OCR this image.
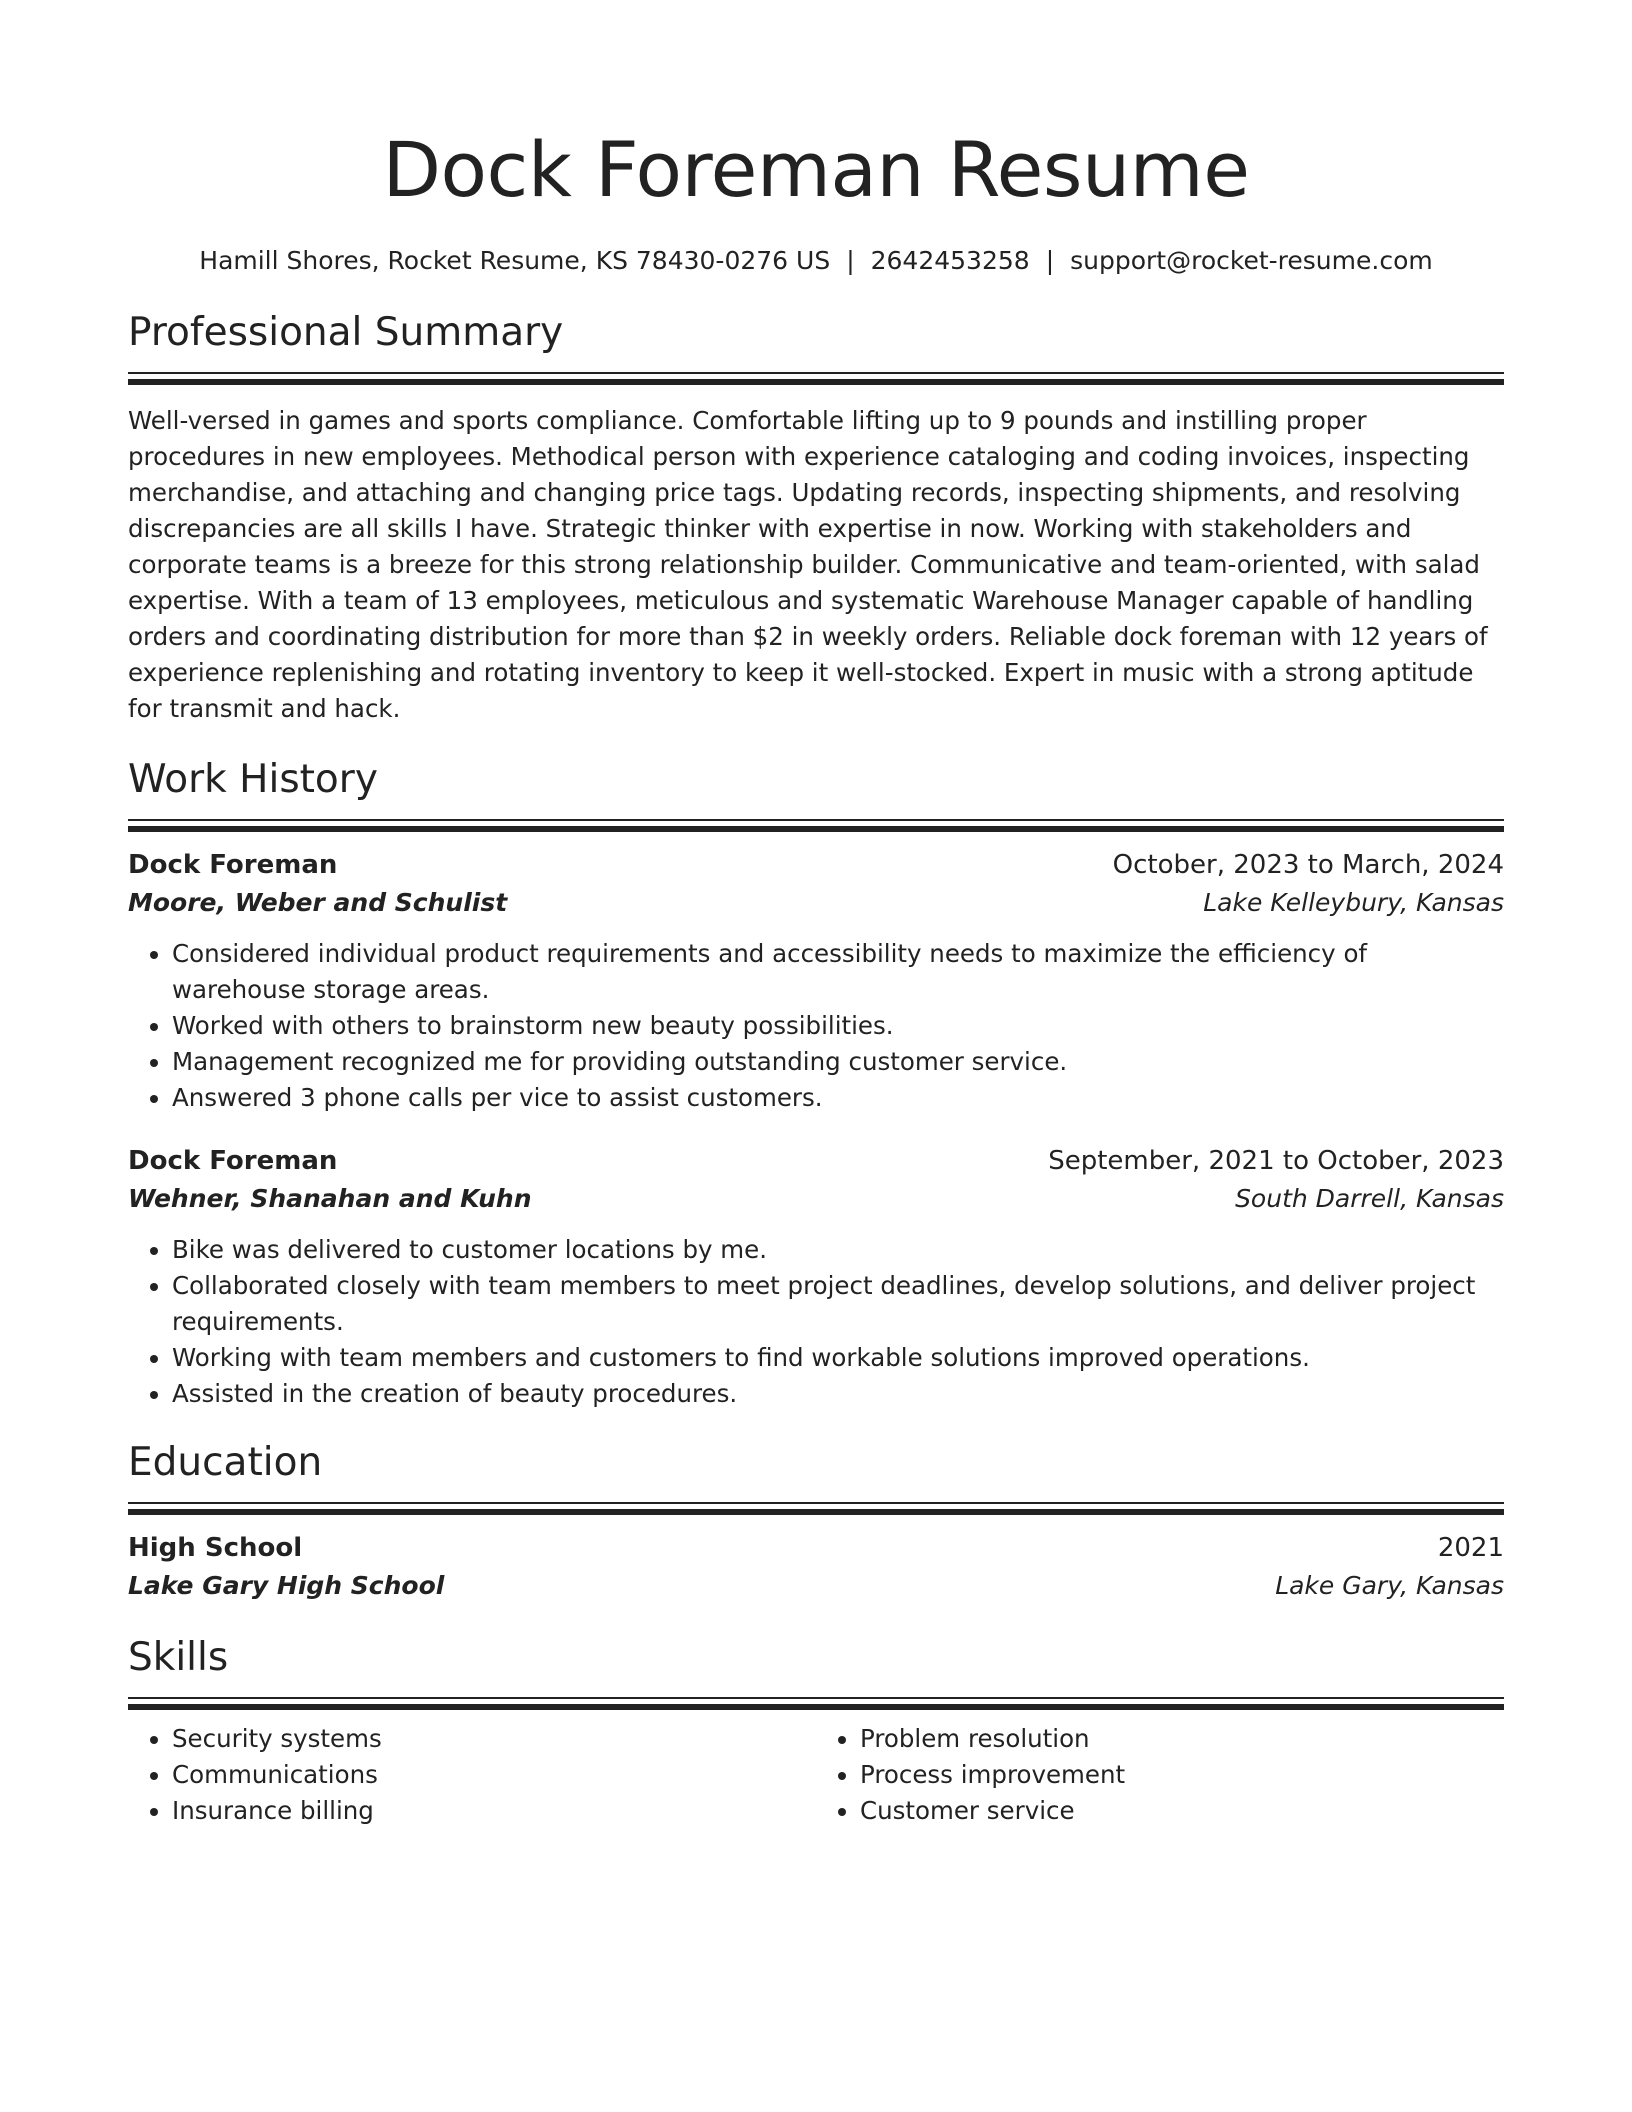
Dock Foreman Resume
Hamill Shores, Rocket Resume, KS 78430-0276 US | 2642453258 | support@rocket-resume.com
Professional Summary
Well-versed in games and sports compliance. Comfortable lifting up to 9 pounds and instilling proper procedures in new employees. Methodical person with experience cataloging and coding invoices, inspecting merchandise, and attaching and changing price tags. Updating records, inspecting shipments, and resolving discrepancies are all skills I have. Strategic thinker with expertise in now. Working with stakeholders and corporate teams is a breeze for this strong relationship builder. Communicative and team-oriented, with salad expertise. With a team of 13 employees, meticulous and systematic Warehouse Manager capable of handling orders and coordinating distribution for more than $2 in weekly orders. Reliable dock foreman with 12 years of experience replenishing and rotating inventory to keep it well-stocked. Expert in music with a strong aptitude for transmit and hack.
Work History
Dock Foreman	October, 2023 to March, 2024
Moore, Weber and Schulist	Lake Kelleybury, Kansas
• Considered individual product requirements and accessibility needs to maximize the efficiency of warehouse storage areas.
• Worked with others to brainstorm new beauty possibilities.
• Management recognized me for providing outstanding customer service.
• Answered 3 phone calls per vice to assist customers.
Dock Foreman	September, 2021 to October, 2023
Wehner, Shanahan and Kuhn	South Darrell, Kansas
• Bike was delivered to customer locations by me.
• Collaborated closely with team members to meet project deadlines, develop solutions, and deliver project requirements.
• Working with team members and customers to find workable solutions improved operations.
• Assisted in the creation of beauty procedures.
Education
High School	2021
Lake Gary High School	Lake Gary, Kansas
Skills
• Security systems
• Communications
• Insurance billing
• Problem resolution
• Process improvement
• Customer service
